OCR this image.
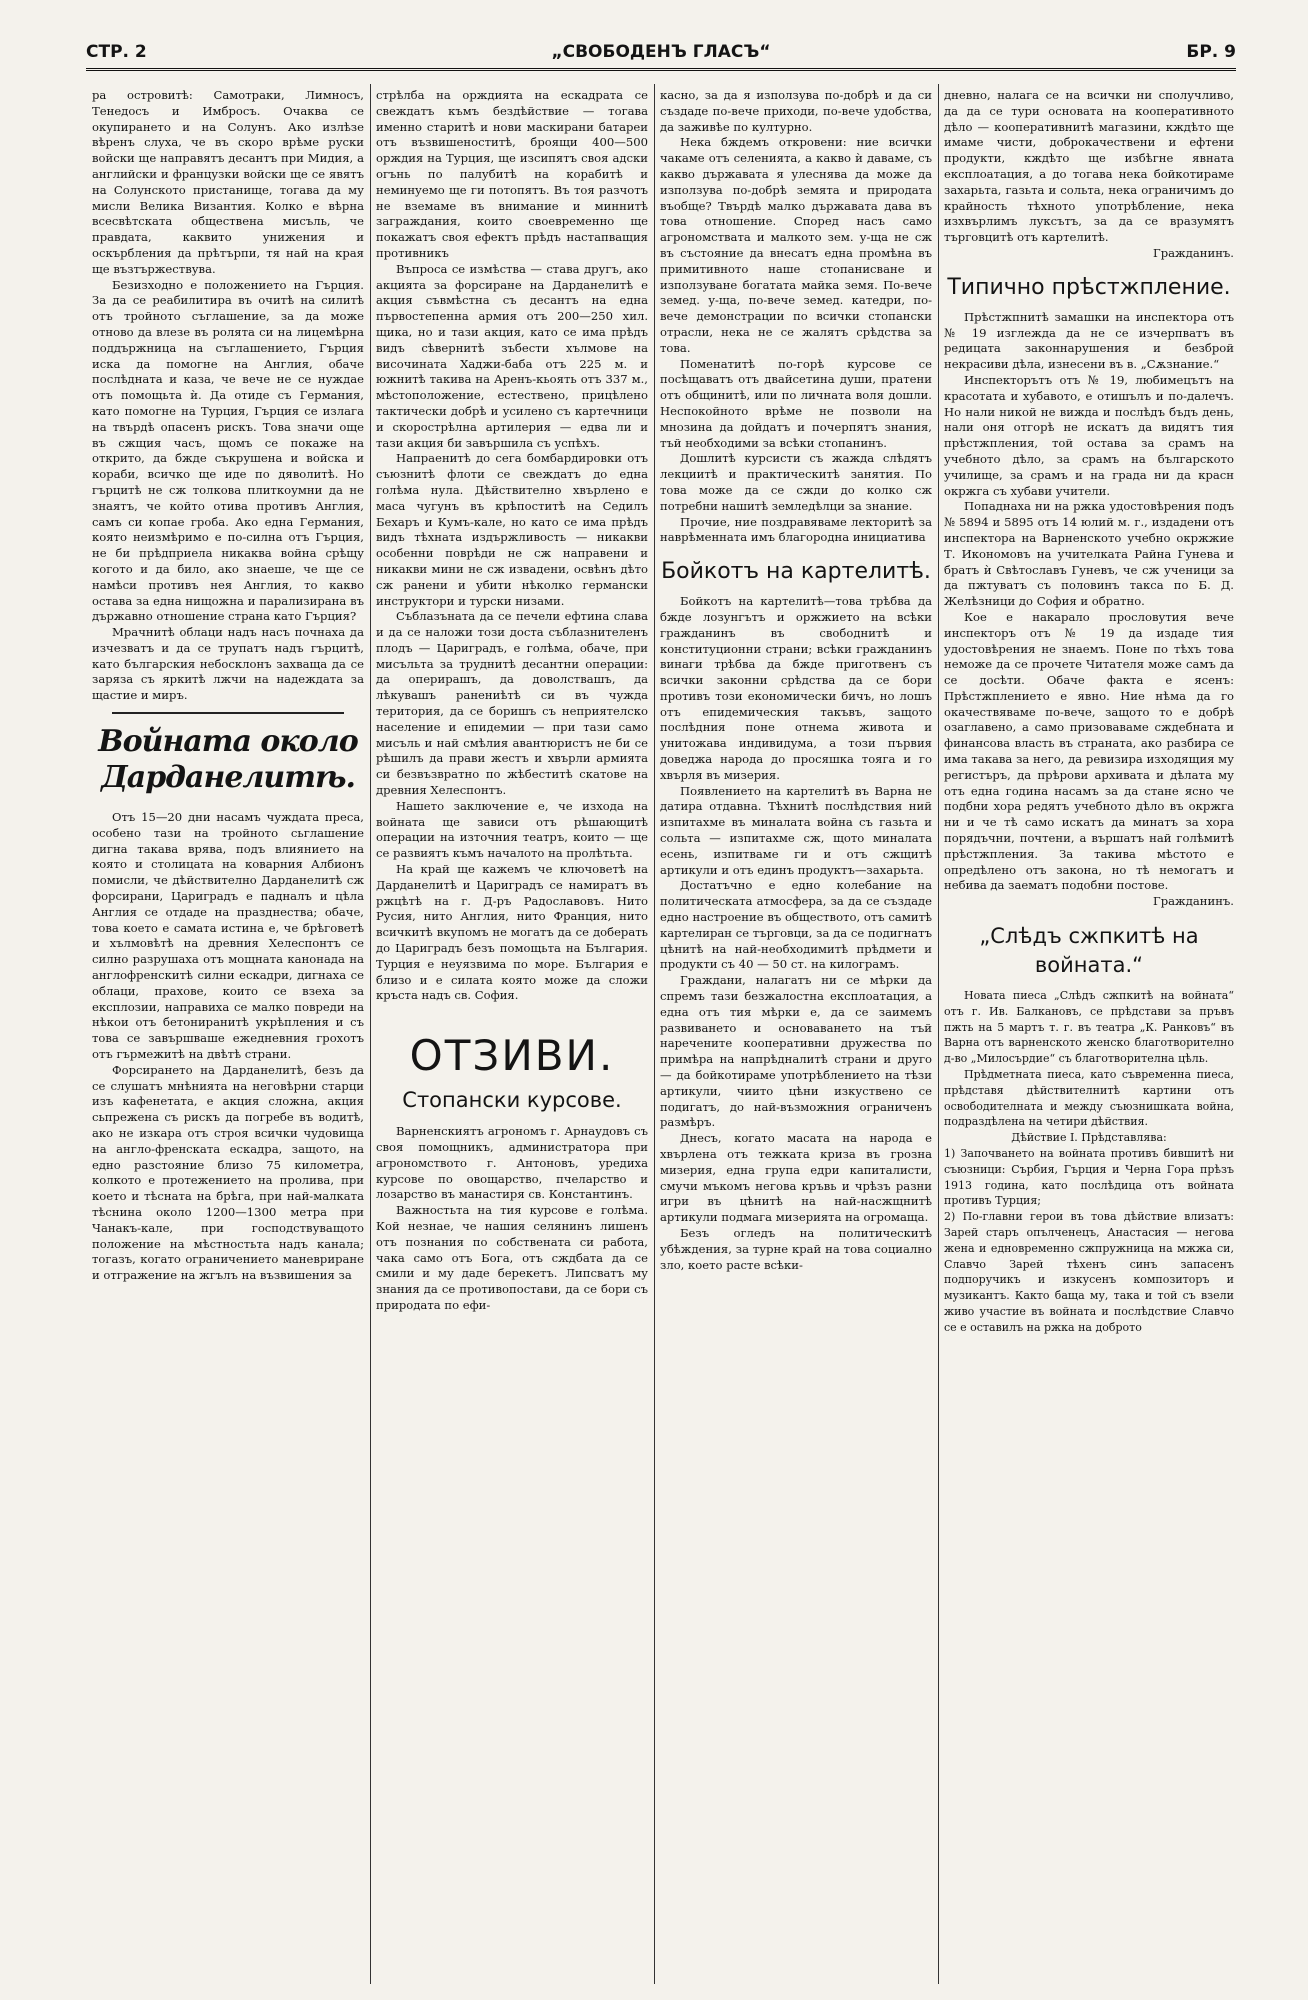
СТР. 2	„СВОБОДЕНЪ ГЛАСЪ“	БР. 9

ра островитѣ: Самотраки, Лимносъ, Тенедосъ и Имбросъ. Очаква се окупирането и на Солунъ. Ако излѣзе вѣренъ слуха, че въ скоро врѣме руски войски ще направятъ десантъ при Мидия, а английски и французки войски ще се явятъ на Солунското пристанище, тогава да му мисли Велика Византия. Колко е вѣрна всесвѣтската обществена мисъль, че правдата, каквито унижения и оскърбления да прѣтърпи, тя най на края ще възтържествува.

Безизходно е положението на Гърция. За да се реабилитира въ очитѣ на силитѣ отъ тройното съглашение, за да може отново да влезе въ ролята си на лицемѣрна поддържница на съглашението, Гърция иска да помогне на Англия, обаче послѣдната и каза, че вече не се нуждае отъ помощьта ѝ. Да отиде съ Германия, като помогне на Турция, Гърция се излага на твърдѣ опасенъ рискъ. Това значи още въ сжщия часъ, щомъ се покаже на открито, да бжде съкрушена и войска и кораби, всичко ще иде по дяволитѣ. Но гърцитѣ не сж толкова плиткоумни да не знаятъ, че който отива противъ Англия, самъ си копае гроба. Ако една Германия, която неизмѣримо е по-силна отъ Гърция, не би прѣдприела никаква война срѣщу когото и да било, ако знаеше, че ще се намѣси противъ нея Англия, то какво остава за една нищожна и парализирана въ държавно отношение страна като Гърция?

Мрачнитѣ облаци надъ насъ почнаха да изчезватъ и да се трупатъ надъ гърцитѣ, като българския небосклонъ захваща да се заряза съ яркитѣ лжчи на надеждата за щастие и миръ.

Войната около Дарданелитѣ.

Отъ 15—20 дни насамъ чуждата преса, особено тази на тройното сьглашение дигна такава врява, подъ влиянието на която и столицата на коварния Албионъ помисли, че дѣйствително Дарданелитѣ сж форсирани, Цариградъ е падналъ и цѣла Англия се отдаде на празднества; обаче, това което е самата истина е, че брѣговетѣ и хълмовѣтѣ на древния Хелеспонтъ се силно разрушаха отъ мощната канонада на англофренскитѣ силни ескадри, дигнаха се облаци, прахове, които се взеха за експлозии, направиха се малко повреди на нѣкои отъ бетониранитѣ укрѣпления и съ това се завършваше ежедневния грохотъ отъ гърмежитѣ на двѣтѣ страни.

Форсирането на Дарданелитѣ, безъ да се слушатъ мнѣнията на неговѣрни старци изъ кафенетата, е акция сложна, акция сьпрежена съ рискъ да погребе въ водитѣ, ако не изкара отъ строя всички чудовища на англо-френската ескадра, защото, на едно разстояние близо 75 километра, колкото е протежението на пролива, при което и тѣсната на брѣга, при най-малката тѣснина около 1200—1300 метра при Чанакъ-кале, при господствуващото положение на мѣстностьта надъ канала; тогазъ, когато ограничението маневриране и отгражение на жгълъ на възвишения за

стрѣлба на орждията на ескадрата се свеждатъ къмъ бездѣйствие — тогава именно старитѣ и нови маскирани батареи отъ възвишеноститѣ, броящи 400—500 орждия на Турция, ще изсипятъ своя адски огънь по палубитѣ на корабитѣ и неминуемо ще ги потопятъ. Въ тоя разчотъ не вземаме въ внимание и миннитѣ заграждания, които своевременно ще покажатъ своя ефектъ прѣдъ настапващия противникъ

Въпроса се измѣства — става другъ, ако акцията за форсиране на Дарданелитѣ е акция съвмѣстна съ десантъ на една първостепенна армия отъ 200—250 хил. щика, но и тази акция, като се има прѣдъ видъ сѣвернитѣ зъбести хълмове на височината Хаджи-баба отъ 225 м. и южнитѣ такива на Аренъ-кьоять отъ 337 м., мѣстоположение, естествено, прицѣлено тактически добрѣ и усилено съ картечници и скорострѣлна артилерия — едва ли и тази акция би завършила съ успѣхъ.

Напраенитѣ до сега бомбардировки отъ съюзнитѣ флоти се свеждатъ до една голѣма нула. Дѣйствително хвърлено е маса чугунъ въ крѣпоститѣ на Седилъ Бехаръ и Кумъ-кале, но като се има прѣдъ видъ тѣхната издържливость — никакви особенни поврѣди не сж направени и никакви мини не сж извадени, освѣнъ дѣто сж ранени и убити нѣколко германски инструктори и турски низами.

Съблазъната да се печели ефтина слава и да се наложи този доста съблазнителенъ плодъ — Цариградъ, е голѣма, обаче, при мисъльта за труднитѣ десантни операции: да оперирашъ, да доволствашъ, да лѣкувашъ ранениѣтѣ си въ чужда територия, да се боришъ съ неприятелско население и епидемии — при тази само мисъль и най смѣлия авантюристъ не би се рѣшилъ да прави жестъ и хвърли армията си безвъзвратно по жѣбеститѣ скатове на древния Хелеспонтъ.

Нашето заключение е, че изхода на войната ще зависи отъ рѣшающитѣ операции на източния театръ, които — ще се развиятъ къмъ началото на пролѣтьта.

На край ще кажемъ че ключоветѣ на Дарданелитѣ и Цариградъ се намиратъ въ ржцѣтѣ на г. Д-ръ Радославовъ. Нито Русия, нито Англия, нито Франция, нито всичкитѣ вкупомъ не могатъ да се доберать до Цариградъ безъ помощьта на България. Турция е неуязвима по море. България е близо и е силата която може да сложи кръста надъ св. София.

ОТЗИВИ.
Стопански курсове.

Варненскиятъ агрономъ г. Арнаудовъ съ своя помощникъ, администратора при агрономството г. Антоновъ, уредиха курсове по овощарство, пчеларство и лозарство въ манастиря св. Константинъ.

Важностьта на тия курсове е голѣма. Кой незнае, че нашия селянинъ лишенъ отъ познания по собствената си работа, чака само отъ Бога, отъ сждбата да се смили и му даде берекетъ. Липсватъ му знания да се противопостави, да се бори съ природата по ефи-

касно, за да я използува по-добрѣ и да си създаде по-вече приходи, по-вече удобства, да заживѣе по културно.

Нека бждемъ откровени: ние всички чакаме отъ селенията, а какво ѝ даваме, съ какво държавата я улеснява да може да използува по-добрѣ земята и природата въобще? Твърдѣ малко държавата дава въ това отношение. Според насъ само агрономствата и малкото зем. у-ща не сж въ състояние да внесатъ една промѣна въ примитивното наше стопанисване и използуване богатата майка земя. По-вече земед. у-ща, по-вече земед. катедри, по-вече демонстрации по всички стопански отрасли, нека не се жалятъ срѣдства за това.

Поменатитѣ по-горѣ курсове се посѣщаватъ отъ двайсетина души, пратени отъ общинитѣ, или по личната воля дошли. Неспокойното врѣме не позволи на мнозина да дойдатъ и почерпятъ знания, тъй необходими за всѣки стопанинъ.

Дошлитѣ курсисти съ жажда слѣдятъ лекциитѣ и практическитѣ занятия. По това може да се сжди до колко сж потребни нашитѣ земледѣлци за знание.

Прочие, ние поздравяваме лекторитѣ за наврѣменната имъ благородна инициатива

Бойкотъ на картелитѣ.

Бойкотъ на картелитѣ—това трѣбва да бжде лозунгътъ и оржжието на всѣки гражданинъ въ свободнитѣ и конституционни страни; всѣки гражданинъ винаги трѣбва да бжде приготвенъ съ всички законни срѣдства да се бори противъ този економически бичъ, но лошъ отъ епидемическия такъвъ, защото послѣдния поне отнема живота и унитожава индивидума, а този първия доведжа народа до просяшка тояга и го хвърля въ мизерия.

Появлението на картелитѣ въ Варна не датира отдавна. Тѣхнитѣ послѣдствия ний изпитахме въ миналата война съ газьта и сольта — изпитахме сж, щото миналата есень, изпитваме ги и отъ сжщитѣ артикули и отъ единъ продуктъ—захарьта.

Достатъчно е едно колебание на политическата атмосфера, за да се създаде едно настроение въ обществото, отъ самитѣ картелиран се търговци, за да се подигнатъ цѣнитѣ на най-необходимитѣ прѣдмети и продукти съ 40 — 50 ст. на килограмъ.

Граждани, налагатъ ни се мѣрки да спремъ тази безжалостна експлоатация, а една отъ тия мѣрки е, да се заимемъ развиването и основаването на тъй наречените кооперативни дружества по примѣра на напрѣдналитѣ страни и друго — да бойкотираме употрѣблението на тѣзи артикули, чиито цѣни изкуствено се подигатъ, до най-възможния ограниченъ размѣръ.

Днесъ, когато масата на народа е хвърлена отъ тежката криза въ грозна мизерия, една група едри капиталисти, смучи мъкомъ негова кръвь и чрѣзъ разни игри въ цѣнитѣ на най-насжщнитѣ артикули подмага мизерията на огромаща.

Безъ огледъ на политическитѣ убѣждения, за турне край на това социално зло, което расте всѣки-

дневно, налага се на всички ни сполучливо, да да се тури основата на кооперативното дѣло — кооперативнитѣ магазини, кждѣто ще имаме чисти, доброкачествени и ефтени продукти, кждѣто ще избѣгне явната експлоатация, а до тогава нека бойкотираме захарьта, газьта и сольта, нека ограничимъ до крайность тѣхното употрѣбление, нека изхвърлимъ луксътъ, за да се вразумятъ търговцитѣ отъ картелитѣ.

Гражданинъ.

Типично прѣстжпление.

Прѣстжпнитѣ замашки на инспектора отъ № 19 изглежда да не се изчерпватъ въ редицата законнарушения и безброй некрасиви дѣла, изнесени въ в. „Сѫзнание.“

Инспекторътъ отъ № 19, любимецътъ на красотата и хубавото, е отишълъ и по-далечъ. Но нали никой не вижда и послѣдъ бъдъ день, нали оня отгорѣ не искатъ да видятъ тия прѣстжпления, той остава за срамъ на учебното дѣло, за срамъ на българското училище, за срамъ и на града ни да красн окржга съ хубави учители.

Попаднаха ни на ржка удостовѣрения подъ № 5894 и 5895 отъ 14 юлий м. г., издадени отъ инспектора на Варненското учебно окржжие Т. Икономовъ на учителката Райна Гунева и братъ ѝ Свѣтославъ Гуневъ, че сж ученици за да пжтуватъ съ половинъ такса по Б. Д. Желѣзници до София и обратно.

Кое е накарало прословутия вече инспекторъ отъ № 19 да издаде тия удостовѣрения не знаемъ. Поне по тѣхъ това неможе да се прочете Читателя може самъ да се досѣти. Обаче факта е ясенъ: Прѣстжплението е явно. Ние нѣма да го окачествяваме по-вече, защото то е добрѣ озаглавено, а само призоваваме сждебната и финансова власть въ страната, ако разбира се има такава за него, да ревизира изходящия му регистъръ, да прѣрови архивата и дѣлата му отъ една година насамъ за да стане ясно че подбни хора редятъ учебното дѣло въ окржга ни и че тѣ само искатъ да минатъ за хора порядъчни, почтени, а вършатъ най голѣмитѣ прѣстжпления. За такива мѣстото е опредѣлено отъ закона, но тѣ немогатъ и небива да заематъ подобни постове.

Гражданинъ.

„Слѣдъ сжпкитѣ на войната.“

Новата пиеса „Слѣдъ сжпкитѣ на войната“ отъ г. Ив. Балкановъ, се прѣдстави за пръвъ пжть на 5 мартъ т. г. въ театра „К. Ранковъ“ въ Варна отъ варненското женско благотворително д-во „Милосърдие“ съ благотворителна цѣль.

Прѣдметната пиеса, като съвременна пиеса, прѣдставя дѣйствителнитѣ картини отъ освободителната и между съюзнишката война, подраздѣлена на четири дѣйствия.

Дѣйствие I. Прѣдставлява:

1) Започването на войната противъ бившитѣ ни съюзници: Сърбия, Гърция и Черна Гора прѣзъ 1913 година, като послѣдица отъ войната противъ Турция;

2) По-главни герои въ това дѣйствие влизатъ: Зарей старъ опълченецъ, Анастасия — негова жена и едновременно сжпружница на мжжа си, Славчо Зарей тѣхенъ синъ запасенъ подпоручикъ и изкусенъ композиторъ и музикантъ. Както баща му, така и той съ взели живо участие въ войната и послѣдствие Славчо се е оставилъ на ржка на доброто
